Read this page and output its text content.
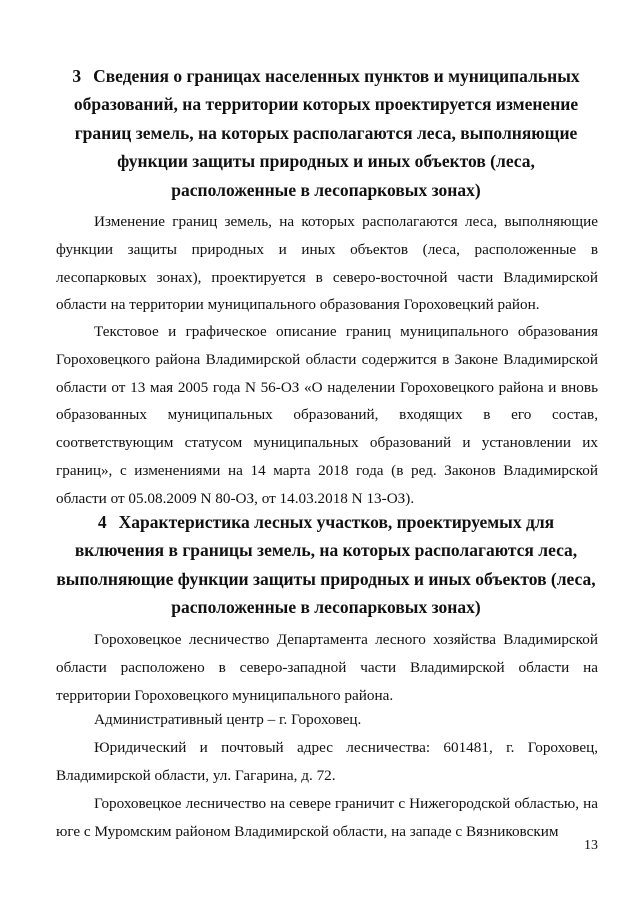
3 Сведения о границах населенных пунктов и муниципальных образований, на территории которых проектируется изменение границ земель, на которых располагаются леса, выполняющие функции защиты природных и иных объектов (леса, расположенные в лесопарковых зонах)

Изменение границ земель, на которых располагаются леса, выполняющие функции защиты природных и иных объектов (леса, расположенные в лесопарковых зонах), проектируется в северо-восточной части Владимирской области на территории муниципального образования Гороховецкий район.

Текстовое и графическое описание границ муниципального образования Гороховецкого района Владимирской области содержится в Законе Владимирской области от 13 мая 2005 года N 56-ОЗ «О наделении Гороховецкого района и вновь образованных муниципальных образований, входящих в его состав, соответствующим статусом муниципальных образований и установлении их границ», с изменениями на 14 марта 2018 года (в ред. Законов Владимирской области от 05.08.2009 N 80-ОЗ, от 14.03.2018 N 13-ОЗ).

4 Характеристика лесных участков, проектируемых для включения в границы земель, на которых располагаются леса, выполняющие функции защиты природных и иных объектов (леса, расположенные в лесопарковых зонах)

Гороховецкое лесничество Департамента лесного хозяйства Владимирской области расположено в северо-западной части Владимирской области на территории Гороховецкого муниципального района.

Административный центр – г. Гороховец.

Юридический и почтовый адрес лесничества: 601481, г. Гороховец, Владимирской области, ул. Гагарина, д. 72.

Гороховецкое лесничество на севере граничит с Нижегородской областью, на юге с Муромским районом Владимирской области, на западе с Вязниковским

13
